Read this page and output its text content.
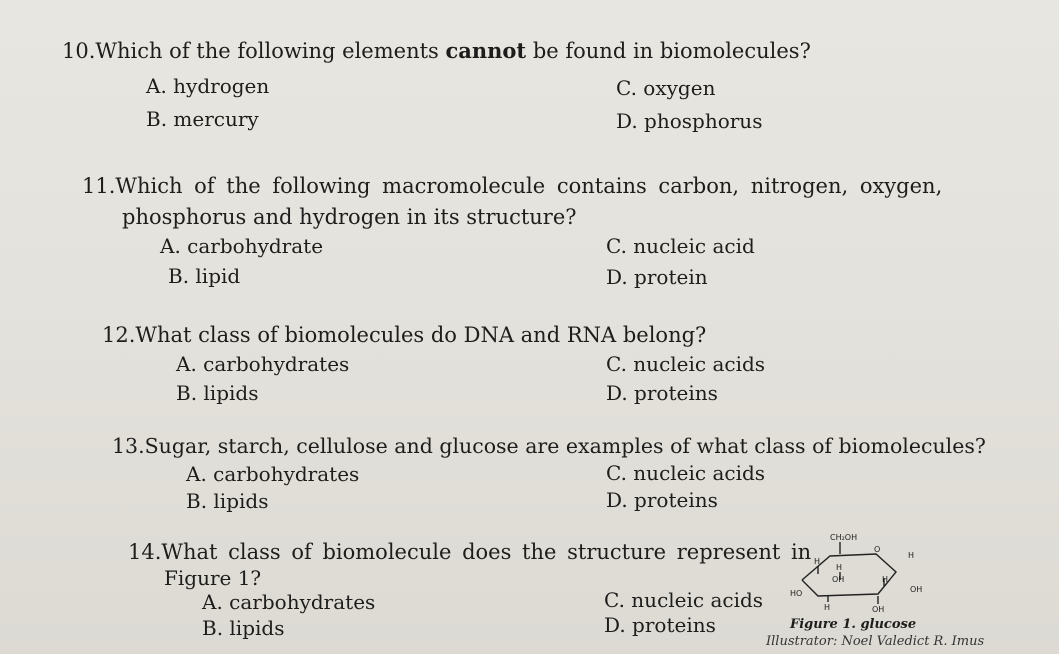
10.Which of the following elements cannot be found in biomolecules?
A. hydrogen	C. oxygen
B. mercury	D. phosphorus
11.Which of the following macromolecule contains carbon, nitrogen, oxygen,
phosphorus and hydrogen in its structure?
A. carbohydrate	C. nucleic acid
B. lipid	D. protein
12.What class of biomolecules do DNA and RNA belong?
A. carbohydrates	C. nucleic acids
B. lipids	D. proteins
13.Sugar, starch, cellulose and glucose are examples of what class of biomolecules?
A. carbohydrates	C. nucleic acids
B. lipids	D. proteins
14.What class of biomolecule does the structure represent in
Figure 1?
A. carbohydrates	C. nucleic acids
B. lipids	D. proteins
CH₂OH
O
H
H
H
OH	H
OH
HO
H	OH
Figure 1. glucose
Illustrator: Noel Valedict R. Imus
